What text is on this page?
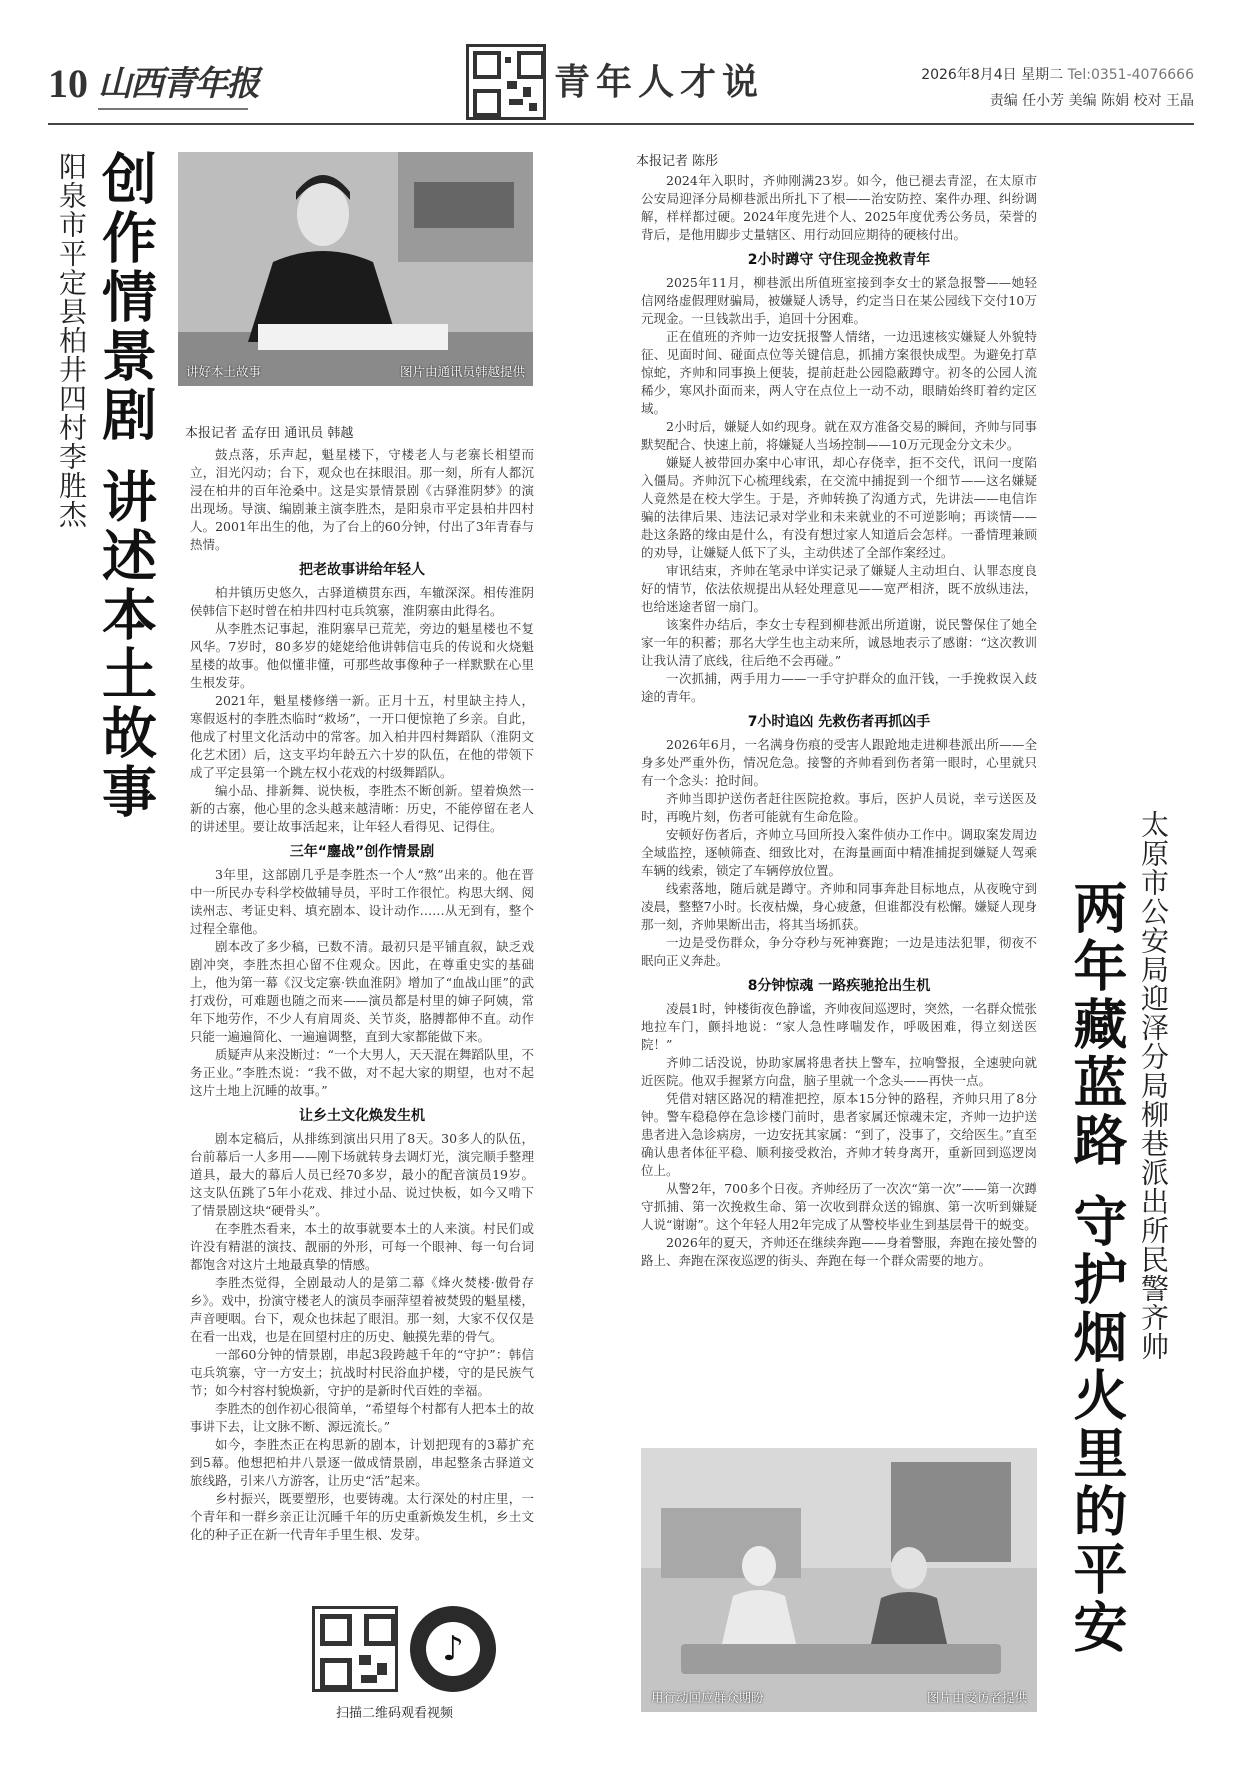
10 山西青年报	青年人才说	2026年8月4日 星期二 Tel:0351-4076666
责编 任小芳 美编 陈娟 校对 王晶
创作情景剧 讲述本土故事
阳泉市平定县柏井四村李胜杰	讲好本土故事	图片由通讯员韩越提供
本报记者 孟存田 通讯员 韩越

鼓点落，乐声起，魁星楼下，守楼老人与老寨长相望而立，泪光闪动；台下，观众也在抹眼泪。那一刻，所有人都沉浸在柏井的百年沧桑中。这是实景情景剧《古驿淮阴梦》的演出现场。导演、编剧兼主演李胜杰，是阳泉市平定县柏井四村人。2001年出生的他，为了台上的60分钟，付出了3年青春与热情。

把老故事讲给年轻人

柏井镇历史悠久，古驿道横贯东西，车辙深深。相传淮阴侯韩信下赵时曾在柏井四村屯兵筑寨，淮阴寨由此得名。

从李胜杰记事起，淮阴寨早已荒芜，旁边的魁星楼也不复风华。7岁时，80多岁的姥姥给他讲韩信屯兵的传说和火烧魁星楼的故事。他似懂非懂，可那些故事像种子一样默默在心里生根发芽。

2021年，魁星楼修缮一新。正月十五，村里缺主持人，寒假返村的李胜杰临时“救场”，一开口便惊艳了乡亲。自此，他成了村里文化活动中的常客。加入柏井四村舞蹈队（淮阴文化艺术团）后，这支平均年龄五六十岁的队伍，在他的带领下成了平定县第一个跳左权小花戏的村级舞蹈队。

编小品、排新舞、说快板，李胜杰不断创新。望着焕然一新的古寨，他心里的念头越来越清晰：历史，不能停留在老人的讲述里。要让故事活起来，让年轻人看得见、记得住。

三年“鏖战”创作情景剧

3年里，这部剧几乎是李胜杰一个人“熬”出来的。他在晋中一所民办专科学校做辅导员，平时工作很忙。构思大纲、阅读州志、考证史料、填充剧本、设计动作……从无到有，整个过程全靠他。

剧本改了多少稿，已数不清。最初只是平铺直叙，缺乏戏剧冲突，李胜杰担心留不住观众。因此，在尊重史实的基础上，他为第一幕《汉戈定寨·铁血淮阴》增加了“血战山匪”的武打戏份，可难题也随之而来——演员都是村里的婶子阿姨，常年下地劳作，不少人有肩周炎、关节炎，胳膊都伸不直。动作只能一遍遍简化、一遍遍调整，直到大家都能做下来。

质疑声从来没断过：“一个大男人，天天混在舞蹈队里，不务正业。”李胜杰说：“我不做，对不起大家的期望，也对不起这片土地上沉睡的故事。”

让乡土文化焕发生机

剧本定稿后，从排练到演出只用了8天。30多人的队伍，台前幕后一人多用——刚下场就转身去调灯光，演完顺手整理道具，最大的幕后人员已经70多岁，最小的配音演员19岁。这支队伍跳了5年小花戏、排过小品、说过快板，如今又啃下了情景剧这块“硬骨头”。

在李胜杰看来，本土的故事就要本土的人来演。村民们或许没有精湛的演技、靓丽的外形，可每一个眼神、每一句台词都饱含对这片土地最真挚的情感。

李胜杰觉得，全剧最动人的是第二幕《烽火焚楼·傲骨存乡》。戏中，扮演守楼老人的演员李丽萍望着被焚毁的魁星楼，声音哽咽。台下，观众也抹起了眼泪。那一刻，大家不仅仅是在看一出戏，也是在回望村庄的历史、触摸先辈的骨气。

一部60分钟的情景剧，串起3段跨越千年的“守护”：韩信屯兵筑寨，守一方安土；抗战时村民浴血护楼，守的是民族气节；如今村容村貌焕新，守护的是新时代百姓的幸福。

李胜杰的创作初心很简单，“希望每个村都有人把本土的故事讲下去，让文脉不断、源远流长。”

如今，李胜杰正在构思新的剧本，计划把现有的3幕扩充到5幕。他想把柏井八景逐一做成情景剧，串起整条古驿道文旅线路，引来八方游客，让历史“活”起来。

乡村振兴，既要塑形，也要铸魂。太行深处的村庄里，一个青年和一群乡亲正让沉睡千年的历史重新焕发生机，乡土文化的种子正在新一代青年手里生根、发芽。

♪
扫描二维码观看视频
本报记者 陈彤

2024年入职时，齐帅刚满23岁。如今，他已褪去青涩，在太原市公安局迎泽分局柳巷派出所扎下了根——治安防控、案件办理、纠纷调解，样样都过硬。2024年度先进个人、2025年度优秀公务员，荣誉的背后，是他用脚步丈量辖区、用行动回应期待的硬核付出。

2小时蹲守 守住现金挽救青年

2025年11月，柳巷派出所值班室接到李女士的紧急报警——她轻信网络虚假理财骗局，被嫌疑人诱导，约定当日在某公园线下交付10万元现金。一旦钱款出手，追回十分困难。

正在值班的齐帅一边安抚报警人情绪，一边迅速核实嫌疑人外貌特征、见面时间、碰面点位等关键信息，抓捕方案很快成型。为避免打草惊蛇，齐帅和同事换上便装，提前赶赴公园隐蔽蹲守。初冬的公园人流稀少，寒风扑面而来，两人守在点位上一动不动，眼睛始终盯着约定区域。

2小时后，嫌疑人如约现身。就在双方准备交易的瞬间，齐帅与同事默契配合、快速上前，将嫌疑人当场控制——10万元现金分文未少。

嫌疑人被带回办案中心审讯，却心存侥幸，拒不交代，讯问一度陷入僵局。齐帅沉下心梳理线索，在交流中捕捉到一个细节——这名嫌疑人竟然是在校大学生。于是，齐帅转换了沟通方式，先讲法——电信诈骗的法律后果、违法记录对学业和未来就业的不可逆影响；再谈情——赴这条路的缘由是什么，有没有想过家人知道后会怎样。一番情理兼顾的劝导，让嫌疑人低下了头，主动供述了全部作案经过。

审讯结束，齐帅在笔录中详实记录了嫌疑人主动坦白、认罪态度良好的情节，依法依规提出从轻处理意见——宽严相济，既不放纵违法，也给迷途者留一扇门。

该案件办结后，李女士专程到柳巷派出所道谢，说民警保住了她全家一年的积蓄；那名大学生也主动来所，诚恳地表示了感谢：“这次教训让我认清了底线，往后绝不会再碰。”

一次抓捕，两手用力——一手守护群众的血汗钱，一手挽救误入歧途的青年。

7小时追凶 先救伤者再抓凶手

2026年6月，一名满身伤痕的受害人跟跄地走进柳巷派出所——全身多处严重外伤，情况危急。接警的齐帅看到伤者第一眼时，心里就只有一个念头：抢时间。

齐帅当即护送伤者赶往医院抢救。事后，医护人员说，幸亏送医及时，再晚片刻，伤者可能就有生命危险。

安顿好伤者后，齐帅立马回所投入案件侦办工作中。调取案发周边全域监控，逐帧筛查、细致比对，在海量画面中精准捕捉到嫌疑人驾乘车辆的线索，锁定了车辆停放位置。

线索落地，随后就是蹲守。齐帅和同事奔赴目标地点，从夜晚守到凌晨，整整7小时。长夜枯燥，身心疲惫，但谁都没有松懈。嫌疑人现身那一刻，齐帅果断出击，将其当场抓获。

一边是受伤群众，争分夺秒与死神赛跑；一边是违法犯罪，彻夜不眠向正义奔赴。

8分钟惊魂 一路疾驰抢出生机

凌晨1时，钟楼街夜色静谧，齐帅夜间巡逻时，突然，一名群众慌张地拉车门，颤抖地说：“家人急性哮喘发作，呼吸困难，得立刻送医院！”

齐帅二话没说，协助家属将患者扶上警车，拉响警报，全速驶向就近医院。他双手握紧方向盘，脑子里就一个念头——再快一点。

凭借对辖区路况的精准把控，原本15分钟的路程，齐帅只用了8分钟。警车稳稳停在急诊楼门前时，患者家属还惊魂未定，齐帅一边护送患者进入急诊病房，一边安抚其家属：“到了，没事了，交给医生。”直至确认患者体征平稳、顺利接受救治，齐帅才转身离开，重新回到巡逻岗位上。

从警2年，700多个日夜。齐帅经历了一次次“第一次”——第一次蹲守抓捕、第一次挽救生命、第一次收到群众送的锦旗、第一次听到嫌疑人说“谢谢”。这个年轻人用2年完成了从警校毕业生到基层骨干的蜕变。

2026年的夏天，齐帅还在继续奔跑——身着警服，奔跑在接处警的路上、奔跑在深夜巡逻的街头、奔跑在每一个群众需要的地方。	两年藏蓝路 守护烟火里的平安 太原市公安局迎泽分局柳巷派出所民警齐帅
用行动回应群众期盼	图片由受访者提供
